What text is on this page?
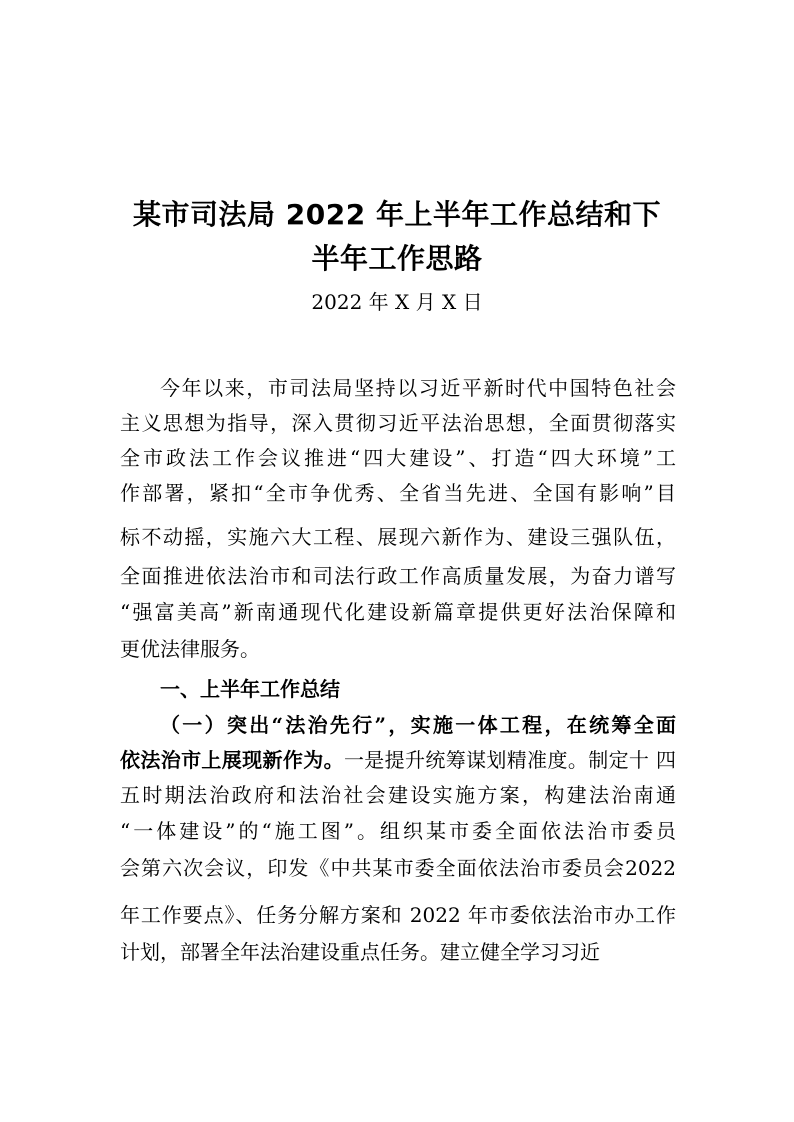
某市司法局 2022 年上半年工作总结和下
半年工作思路
2022 年 X 月 X 日
今年以来，市司法局坚持以习近平新时代中国特色社会
主义思想为指导，深入贯彻习近平法治思想，全面贯彻落实
全市政法工作会议推进“四大建设”、打造“四大环境”工
作部署，紧扣“全市争优秀、全省当先进、全国有影响”目
标不动摇，实施六大工程、展现六新作为、建设三强队伍，
全面推进依法治市和司法行政工作高质量发展，为奋力谱写
“强富美高”新南通现代化建设新篇章提供更好法治保障和
更优法律服务。
一、上半年工作总结
（一）突出“法治先行”，实施一体工程，在统筹全面
依法治市上展现新作为。一是提升统筹谋划精准度。制定十 四
五时期法治政府和法治社会建设实施方案，构建法治南通
“一体建设”的“施工图”。组织某市委全面依法治市委员
会第六次会议，印发《中共某市委全面依法治市委员会2022
年工作要点》、任务分解方案和 2022 年市委依法治市办工作
计划，部署全年法治建设重点任务。建立健全学习习近
